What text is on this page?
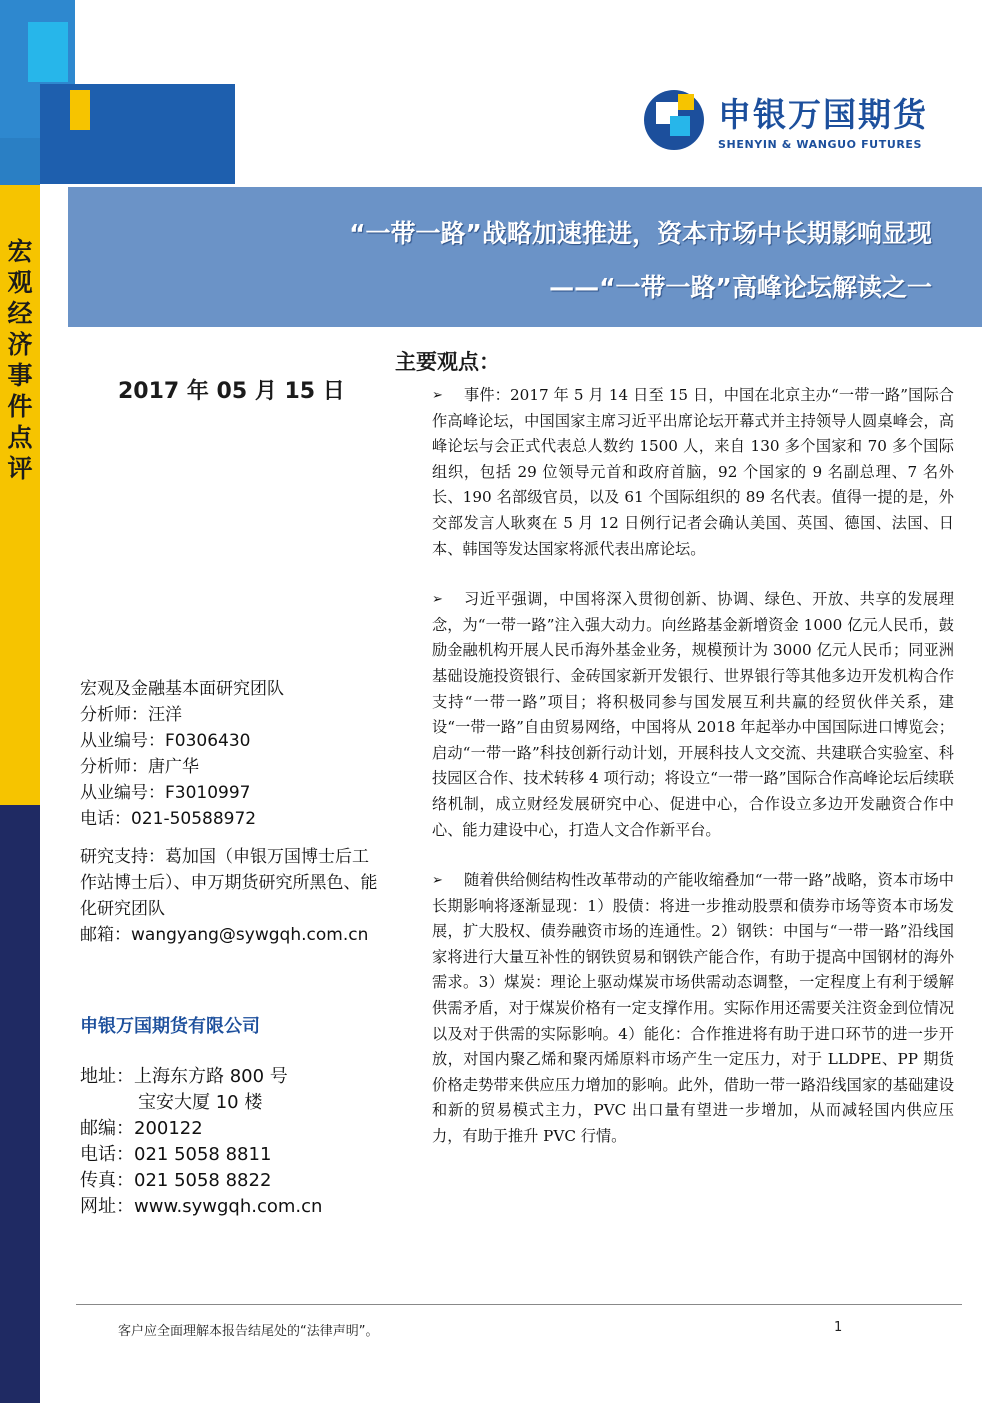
宏观经济事件点评
申银万国期货
SHENYIN & WANGUO FUTURES
“一带一路”战略加速推进，资本市场中长期影响显现
——“一带一路”高峰论坛解读之一
2017 年 05 月 15 日
主要观点：
➢	事件：2017 年 5 月 14 日至 15 日，中国在北京主办“一带一路”国际合作高峰论坛，中国国家主席习近平出席论坛开幕式并主持领导人圆桌峰会，高峰论坛与会正式代表总人数约 1500 人，来自 130 多个国家和 70 多个国际组织，包括 29 位领导元首和政府首脑，92 个国家的 9 名副总理、7 名外长、190 名部级官员，以及 61 个国际组织的 89 名代表。值得一提的是，外交部发言人耿爽在 5 月 12 日例行记者会确认美国、英国、德国、法国、日本、韩国等发达国家将派代表出席论坛。
➢	习近平强调，中国将深入贯彻创新、协调、绿色、开放、共享的发展理念，为“一带一路”注入强大动力。向丝路基金新增资金 1000 亿元人民币，鼓励金融机构开展人民币海外基金业务，规模预计为 3000 亿元人民币；同亚洲基础设施投资银行、金砖国家新开发银行、世界银行等其他多边开发机构合作支持“一带一路”项目；将积极同参与国发展互利共赢的经贸伙伴关系，建设“一带一路”自由贸易网络，中国将从 2018 年起举办中国国际进口博览会；启动“一带一路”科技创新行动计划，开展科技人文交流、共建联合实验室、科技园区合作、技术转移 4 项行动；将设立“一带一路”国际合作高峰论坛后续联络机制，成立财经发展研究中心、促进中心，合作设立多边开发融资合作中心、能力建设中心，打造人文合作新平台。
➢	随着供给侧结构性改革带动的产能收缩叠加“一带一路”战略，资本市场中长期影响将逐渐显现：1）股债：将进一步推动股票和债券市场等资本市场发展，扩大股权、债券融资市场的连通性。2）钢铁：中国与“一带一路”沿线国家将进行大量互补性的钢铁贸易和钢铁产能合作，有助于提高中国钢材的海外需求。3）煤炭：理论上驱动煤炭市场供需动态调整，一定程度上有利于缓解供需矛盾，对于煤炭价格有一定支撑作用。实际作用还需要关注资金到位情况以及对于供需的实际影响。4）能化：合作推进将有助于进口环节的进一步开放，对国内聚乙烯和聚丙烯原料市场产生一定压力，对于 LLDPE、PP 期货价格走势带来供应压力增加的影响。此外，借助一带一路沿线国家的基础建设和新的贸易模式主力，PVC 出口量有望进一步增加，从而减轻国内供应压力，有助于推升 PVC 行情。
宏观及金融基本面研究团队
分析师：汪洋
从业编号：F0306430
分析师：唐广华
从业编号：F3010997
电话：021-50588972
研究支持：葛加国（申银万国博士后工作站博士后）、申万期货研究所黑色、能化研究团队
邮箱：wangyang@sywgqh.com.cn
申银万国期货有限公司
地址：上海东方路 800 号
宝安大厦 10 楼
邮编：200122
电话：021 5058 8811
传真：021 5058 8822
网址：www.sywgqh.com.cn
客户应全面理解本报告结尾处的“法律声明”。	1
